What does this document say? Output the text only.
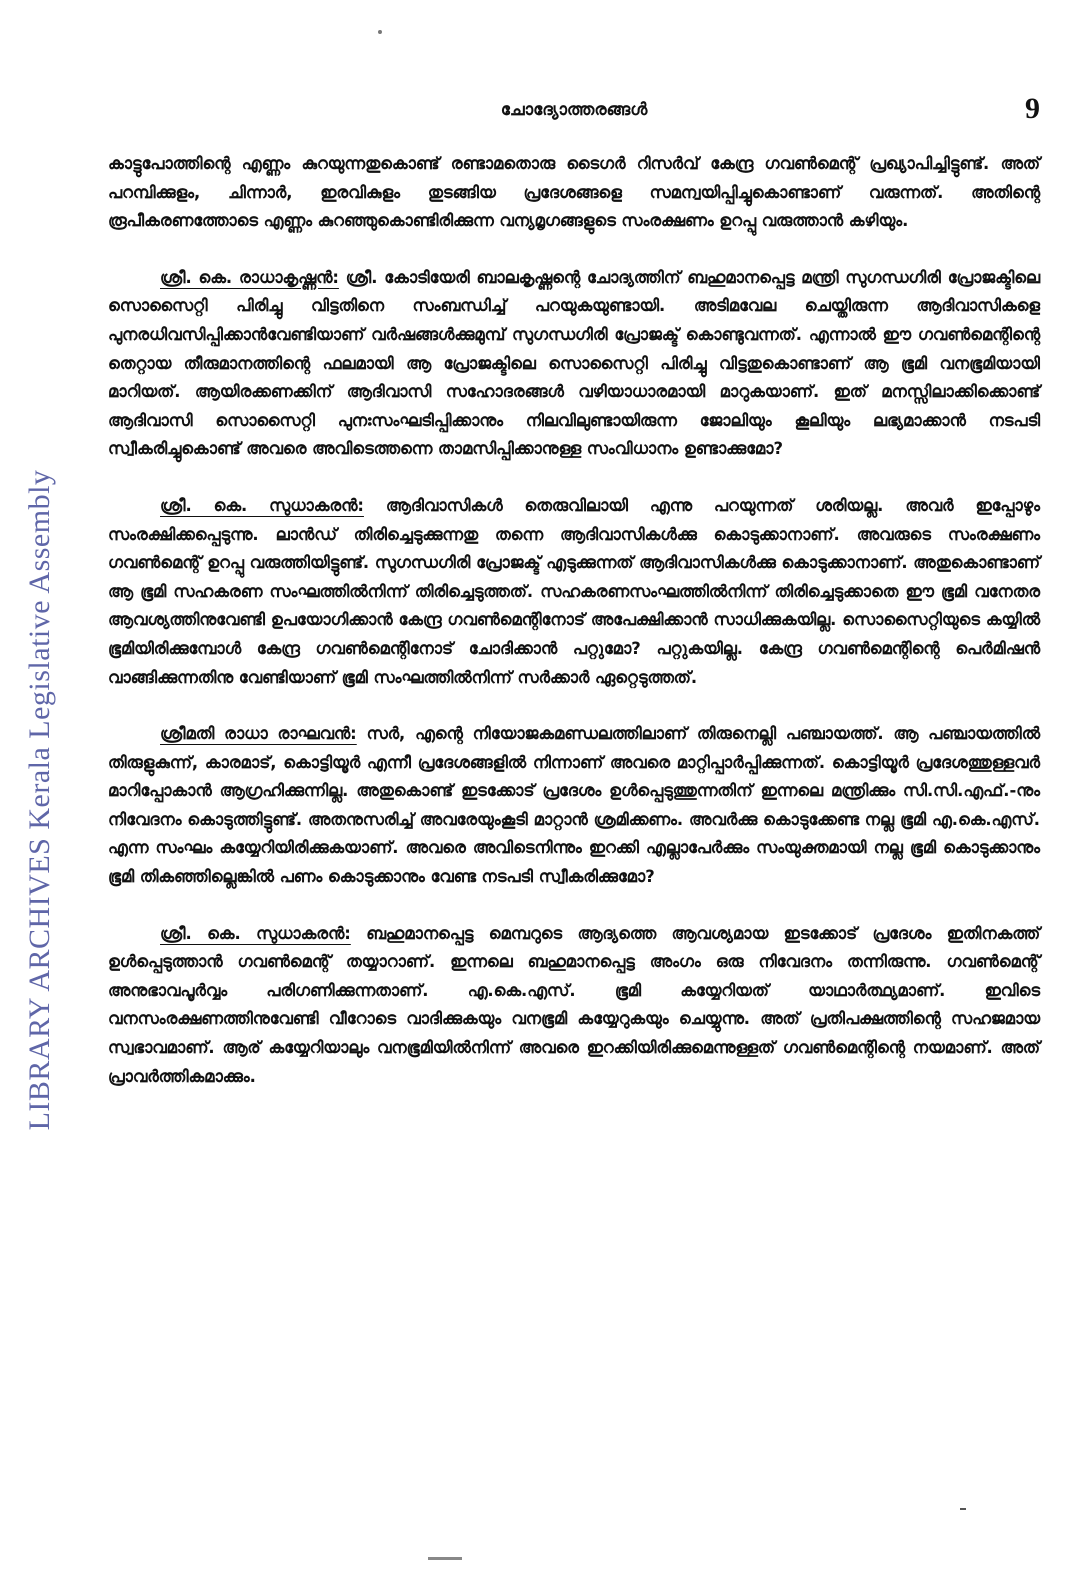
LIBRARY ARCHIVES Kerala Legislative Assembly
ചോദ്യോത്തരങ്ങൾ	9

കാട്ടുപോത്തിന്റെ എണ്ണം കുറയുന്നതുകൊണ്ട് രണ്ടാമതൊരു ടൈഗർ റിസർവ് കേന്ദ്ര ഗവൺമെന്റ് പ്രഖ്യാപിച്ചിട്ടുണ്ട്. അത് പറമ്പിക്കുളം, ചിന്നാർ, ഇരവികുളം തുടങ്ങിയ പ്രദേശങ്ങളെ സമന്വയിപ്പിച്ചുകൊണ്ടാണ് വരുന്നത്. അതിന്റെ രൂപീകരണത്തോടെ എണ്ണം കുറഞ്ഞുകൊണ്ടിരിക്കുന്ന വന്യമൃഗങ്ങളുടെ സംരക്ഷണം ഉറപ്പു വരുത്താൻ കഴിയും.

ശ്രീ. കെ. രാധാകൃഷ്ണൻ: ശ്രീ. കോടിയേരി ബാലകൃഷ്ണന്റെ ചോദ്യത്തിന് ബഹുമാനപ്പെട്ട മന്ത്രി സുഗന്ധഗിരി പ്രോജക്ടിലെ സൊസൈറ്റി പിരിച്ചു വിട്ടതിനെ സംബന്ധിച്ച് പറയുകയുണ്ടായി. അടിമവേല ചെയ്തിരുന്ന ആദിവാസികളെ പുനരധിവസിപ്പിക്കാൻവേണ്ടിയാണ് വർഷങ്ങൾക്കുമുമ്പ് സുഗന്ധഗിരി പ്രോജക്ട് കൊണ്ടുവന്നത്. എന്നാൽ ഈ ഗവൺമെന്റിന്റെ തെറ്റായ തീരുമാനത്തിന്റെ ഫലമായി ആ പ്രോജക്ടിലെ സൊസൈറ്റി പിരിച്ചു വിട്ടതുകൊണ്ടാണ് ആ ഭൂമി വനഭൂമിയായി മാറിയത്. ആയിരക്കണക്കിന് ആദിവാസി സഹോദരങ്ങൾ വഴിയാധാരമായി മാറുകയാണ്. ഇത് മനസ്സിലാക്കിക്കൊണ്ട് ആദിവാസി സൊസൈറ്റി പുനഃസംഘടിപ്പിക്കാനും നിലവിലുണ്ടായിരുന്ന ജോലിയും കൂലിയും ലഭ്യമാക്കാൻ നടപടി സ്വീകരിച്ചുകൊണ്ട് അവരെ അവിടെത്തന്നെ താമസിപ്പിക്കാനുള്ള സംവിധാനം ഉണ്ടാക്കുമോ?

ശ്രീ. കെ. സുധാകരൻ: ആദിവാസികൾ തെരുവിലായി എന്നു പറയുന്നത് ശരിയല്ല. അവർ ഇപ്പോഴും സംരക്ഷിക്കപ്പെടുന്നു. ലാൻഡ് തിരിച്ചെടുക്കുന്നതു തന്നെ ആദിവാസികൾക്കു കൊടുക്കാനാണ്. അവരുടെ സംരക്ഷണം ഗവൺമെന്റ് ഉറപ്പു വരുത്തിയിട്ടുണ്ട്. സുഗന്ധഗിരി പ്രോജക്ട് എടുക്കുന്നത് ആദിവാസികൾക്കു കൊടുക്കാനാണ്. അതുകൊണ്ടാണ് ആ ഭൂമി സഹകരണ സംഘത്തിൽനിന്ന് തിരിച്ചെടുത്തത്. സഹകരണസംഘത്തിൽനിന്ന് തിരിച്ചെടുക്കാതെ ഈ ഭൂമി വനേതര ആവശ്യത്തിനുവേണ്ടി ഉപയോഗിക്കാൻ കേന്ദ്ര ഗവൺമെന്റിനോട് അപേക്ഷിക്കാൻ സാധിക്കുകയില്ല. സൊസൈറ്റിയുടെ കയ്യിൽ ഭൂമിയിരിക്കുമ്പോൾ കേന്ദ്ര ഗവൺമെന്റിനോട് ചോദിക്കാൻ പറ്റുമോ? പറ്റുകയില്ല. കേന്ദ്ര ഗവൺമെന്റിന്റെ പെർമിഷൻ വാങ്ങിക്കുന്നതിനു വേണ്ടിയാണ് ഭൂമി സംഘത്തിൽനിന്ന് സർക്കാർ ഏറ്റെടുത്തത്.

ശ്രീമതി രാധാ രാഘവൻ: സർ, എന്റെ നിയോജകമണ്ഡലത്തിലാണ് തിരുനെല്ലി പഞ്ചായത്ത്. ആ പഞ്ചായത്തിൽ തിരുളുകുന്ന്, കാരമാട്, കൊട്ടിയൂർ എന്നീ പ്രദേശങ്ങളിൽ നിന്നാണ് അവരെ മാറ്റിപ്പാർപ്പിക്കുന്നത്. കൊട്ടിയൂർ പ്രദേശത്തുള്ളവർ മാറിപ്പോകാൻ ആഗ്രഹിക്കുന്നില്ല. അതുകൊണ്ട് ഇടക്കോട് പ്രദേശം ഉൾപ്പെടുത്തുന്നതിന് ഇന്നലെ മന്ത്രിക്കും സി.സി.എഫ്.-നും നിവേദനം കൊടുത്തിട്ടുണ്ട്. അതനുസരിച്ച് അവരേയുംകൂടി മാറ്റാൻ ശ്രമിക്കണം. അവർക്കു കൊടുക്കേണ്ട നല്ല ഭൂമി എ.കെ.എസ്. എന്ന സംഘം കയ്യേറിയിരിക്കുകയാണ്. അവരെ അവിടെനിന്നും ഇറക്കി എല്ലാപേർക്കും സംയുക്തമായി നല്ല ഭൂമി കൊടുക്കാനും ഭൂമി തികഞ്ഞില്ലെങ്കിൽ പണം കൊടുക്കാനും വേണ്ട നടപടി സ്വീകരിക്കുമോ?

ശ്രീ. കെ. സുധാകരൻ: ബഹുമാനപ്പെട്ട മെമ്പറുടെ ആദ്യത്തെ ആവശ്യമായ ഇടക്കോട് പ്രദേശം ഇതിനകത്ത് ഉൾപ്പെടുത്താൻ ഗവൺമെന്റ് തയ്യാറാണ്. ഇന്നലെ ബഹുമാനപ്പെട്ട അംഗം ഒരു നിവേദനം തന്നിരുന്നു. ഗവൺമെന്റ് അനുഭാവപൂർവ്വം പരിഗണിക്കുന്നതാണ്. എ.കെ.എസ്. ഭൂമി കയ്യേറിയത് യാഥാർത്ഥ്യമാണ്. ഇവിടെ വനസംരക്ഷണത്തിനുവേണ്ടി വീറോടെ വാദിക്കുകയും വനഭൂമി കയ്യേറുകയും ചെയ്യുന്നു. അത് പ്രതിപക്ഷത്തിന്റെ സഹജമായ സ്വഭാവമാണ്. ആര് കയ്യേറിയാലും വനഭൂമിയിൽനിന്ന് അവരെ ഇറക്കിയിരിക്കുമെന്നുള്ളത് ഗവൺമെന്റിന്റെ നയമാണ്. അത് പ്രാവർത്തികമാക്കും.
